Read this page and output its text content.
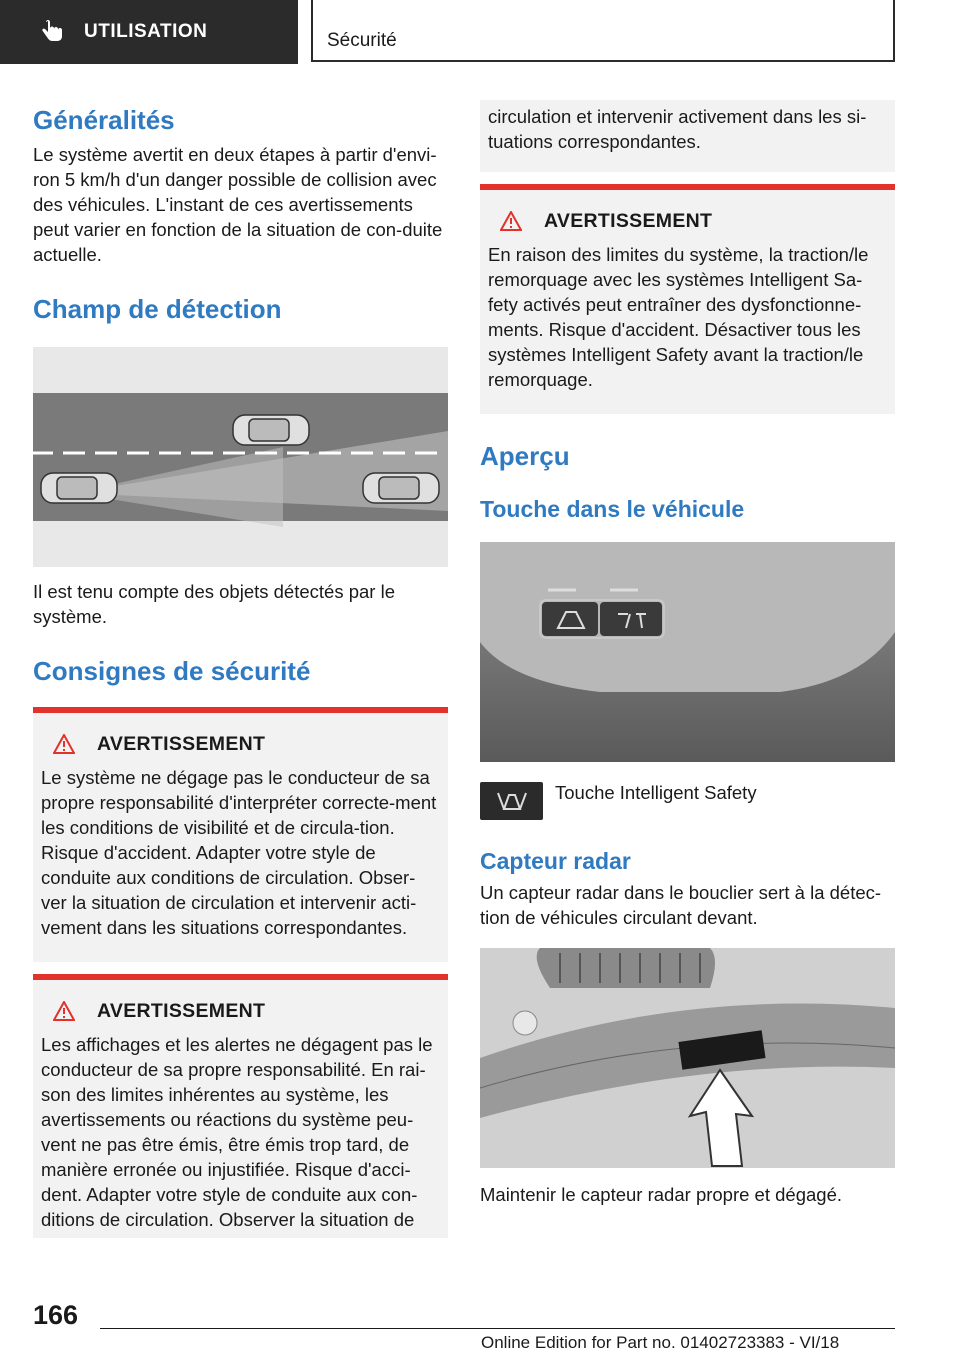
UTILISATION	Sécurité
Généralités

Le système avertit en deux étapes à partir d'envi-ron 5 km/h d'un danger possible de collision avec des véhicules. L'instant de ces avertissements peut varier en fonction de la situation de con-duite actuelle.

Champ de détection

Il est tenu compte des objets détectés par le système.

Consignes de sécurité
AVERTISSEMENT

Le système ne dégage pas le conducteur de sa propre responsabilité d'interpréter correcte-ment les conditions de visibilité et de circula-tion. Risque d'accident. Adapter votre style de conduite aux conditions de circulation. Obser-ver la situation de circulation et intervenir acti-vement dans les situations correspondantes.

AVERTISSEMENT

Les affichages et les alertes ne dégagent pas le conducteur de sa propre responsabilité. En rai-son des limites inhérentes au système, les avertissements ou réactions du système peu-vent ne pas être émis, être émis trop tard, de manière erronée ou injustifiée. Risque d'acci-dent. Adapter votre style de conduite aux con-ditions de circulation. Observer la situation de

circulation et intervenir activement dans les si-tuations correspondantes.

AVERTISSEMENT

En raison des limites du système, la traction/le remorquage avec les systèmes Intelligent Sa-fety activés peut entraîner des dysfonctionne-ments. Risque d'accident. Désactiver tous les systèmes Intelligent Safety avant la traction/le remorquage.

Aperçu
Touche dans le véhicule

Touche Intelligent Safety

Capteur radar

Un capteur radar dans le bouclier sert à la détec-tion de véhicules circulant devant.

Maintenir le capteur radar propre et dégagé.

166
Online Edition for Part no. 01402723383 - VI/18
